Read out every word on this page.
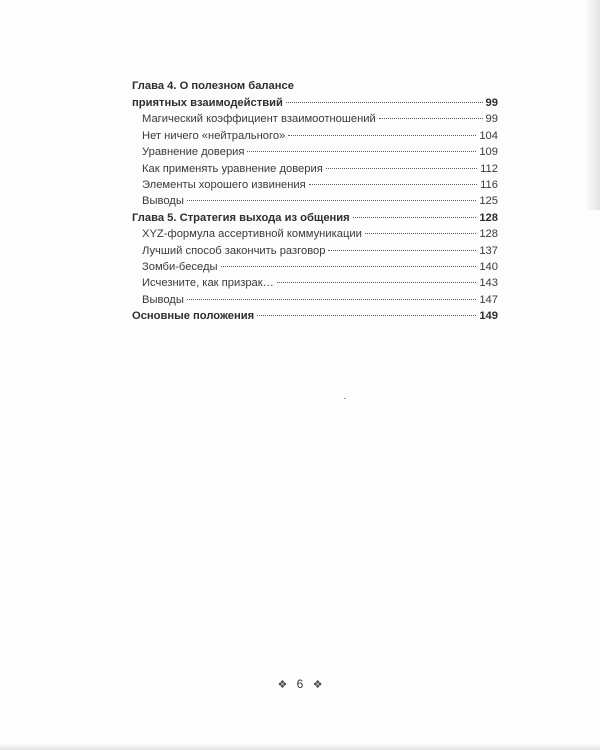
Глава 4. О полезном балансе
приятных взаимодействий	99
Магический коэффициент взаимоотношений	99
Нет ничего «нейтрального»	104
Уравнение доверия	109
Как применять уравнение доверия	112
Элементы хорошего извинения	116
Выводы	125
Глава 5. Стратегия выхода из общения	128
XYZ-формула ассертивной коммуникации	128
Лучший способ закончить разговор	137
Зомби-беседы	140
Исчезните, как призрак…	143
Выводы	147
Основные положения	149
❖ 6 ❖
